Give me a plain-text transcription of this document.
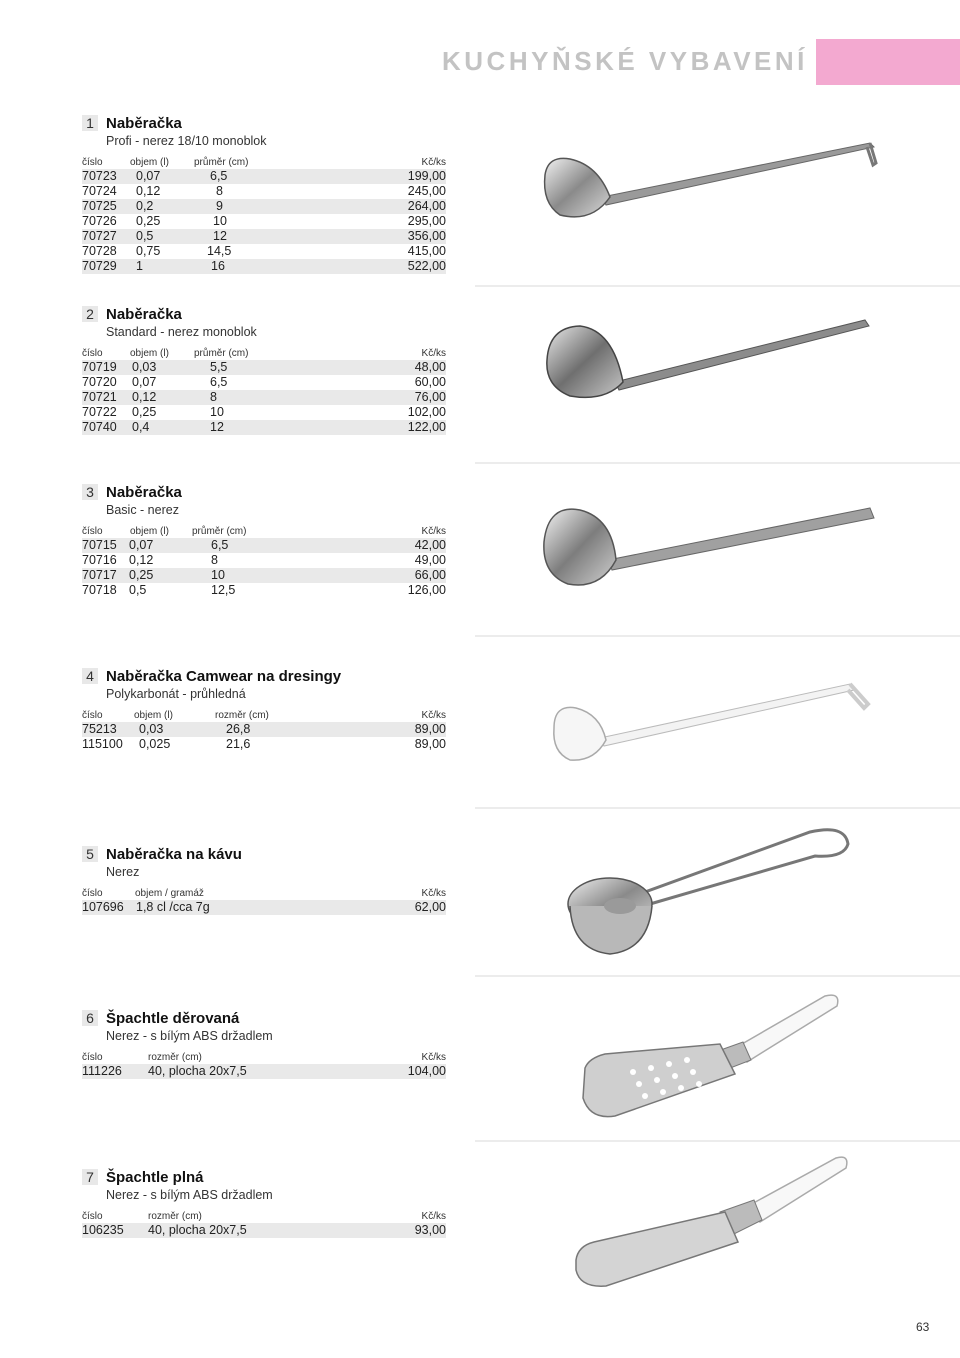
KUCHYŇSKÉ VYBAVENÍ
1 Naběračka
Profi - nerez 18/10 monoblok
číslo	objem (l)	průměr (cm)	Kč/ks
70723	0,07	6,5	199,00
70724	0,12	8	245,00
70725	0,2	9	264,00
70726	0,25	10	295,00
70727	0,5	12	356,00
70728	0,75	14,5	415,00
70729	1	16	522,00
2 Naběračka
Standard - nerez monoblok
číslo	objem (l)	průměr (cm)	Kč/ks
70719	0,03	5,5	48,00
70720	0,07	6,5	60,00
70721	0,12	8	76,00
70722	0,25	10	102,00
70740	0,4	12	122,00
3 Naběračka
Basic - nerez
číslo	objem (l)	průměr (cm)	Kč/ks
70715 0,07	6,5	42,00
70716 0,12	8	49,00
70717 0,25	10	66,00
70718 0,5	12,5	126,00
4 Naběračka Camwear na dresingy
Polykarbonát - průhledná
číslo	objem (l)	rozměr (cm)	Kč/ks
75213	0,03	26,8	89,00
115100	0,025	21,6	89,00
5 Naběračka na kávu
Nerez
číslo	objem / gramáž	Kč/ks
107696 1,8 cl /cca 7g	62,00
6 Špachtle děrovaná
Nerez - s bílým ABS držadlem
číslo	rozměr (cm)	Kč/ks
111226	40, plocha 20x7,5	104,00
7 Špachtle plná
Nerez - s bílým ABS držadlem
číslo	rozměr (cm)	Kč/ks
106235	40, plocha 20x7,5	93,00
63
